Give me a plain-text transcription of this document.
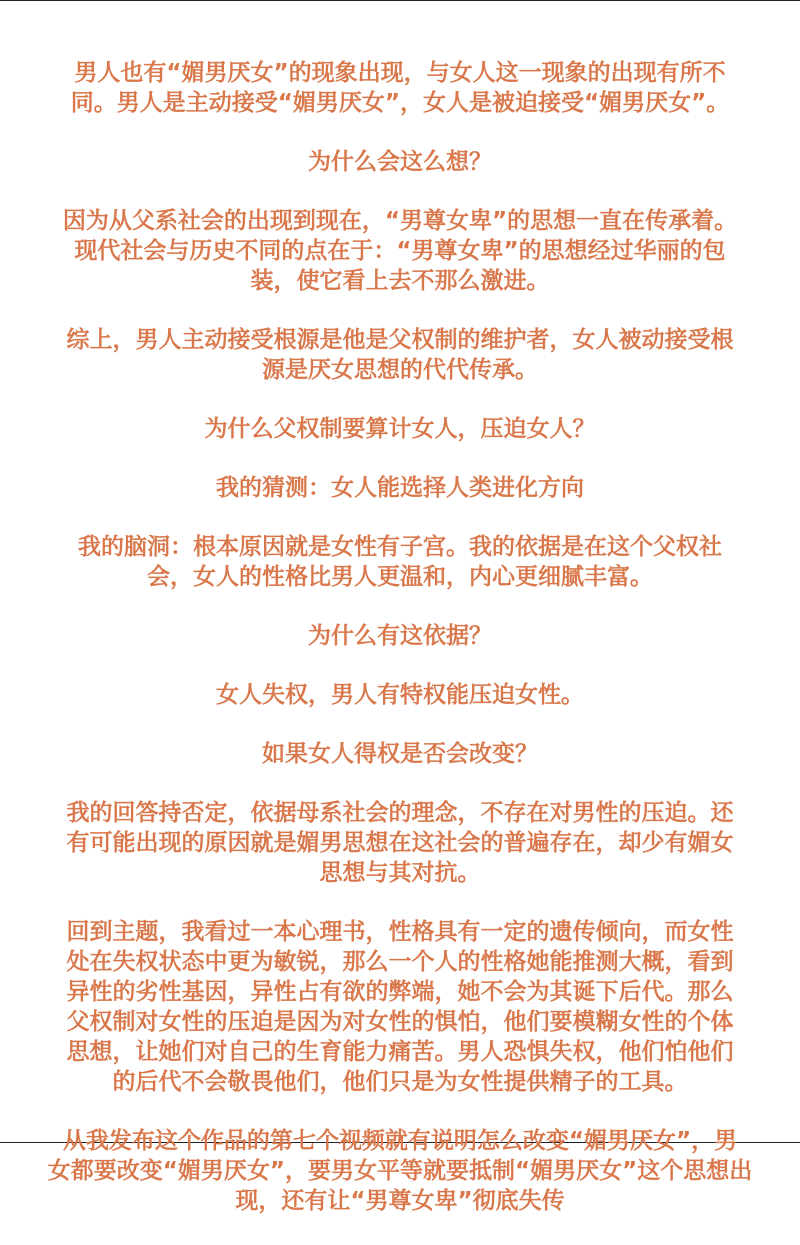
男人也有“媚男厌女”的现象出现，与女人这一现象的出现有所不
同。男人是主动接受“媚男厌女”，女人是被迫接受“媚男厌女”。

为什么会这么想？

因为从父系社会的出现到现在，“男尊女卑”的思想一直在传承着。
现代社会与历史不同的点在于：“男尊女卑”的思想经过华丽的包
装，使它看上去不那么激进。

综上，男人主动接受根源是他是父权制的维护者，女人被动接受根
源是厌女思想的代代传承。

为什么父权制要算计女人，压迫女人？

我的猜测：女人能选择人类进化方向

我的脑洞：根本原因就是女性有子宫。我的依据是在这个父权社
会，女人的性格比男人更温和，内心更细腻丰富。

为什么有这依据？

女人失权，男人有特权能压迫女性。

如果女人得权是否会改变？

我的回答持否定，依据母系社会的理念，不存在对男性的压迫。还
有可能出现的原因就是媚男思想在这社会的普遍存在，却少有媚女
思想与其对抗。

回到主题，我看过一本心理书，性格具有一定的遗传倾向，而女性
处在失权状态中更为敏锐，那么一个人的性格她能推测大概，看到
异性的劣性基因，异性占有欲的弊端，她不会为其诞下后代。那么
父权制对女性的压迫是因为对女性的惧怕，他们要模糊女性的个体
思想，让她们对自己的生育能力痛苦。男人恐惧失权，他们怕他们
的后代不会敬畏他们，他们只是为女性提供精子的工具。

从我发布这个作品的第七个视频就有说明怎么改变“媚男厌女”，男
女都要改变“媚男厌女”，要男女平等就要抵制“媚男厌女”这个思想出
现，还有让“男尊女卑”彻底失传
